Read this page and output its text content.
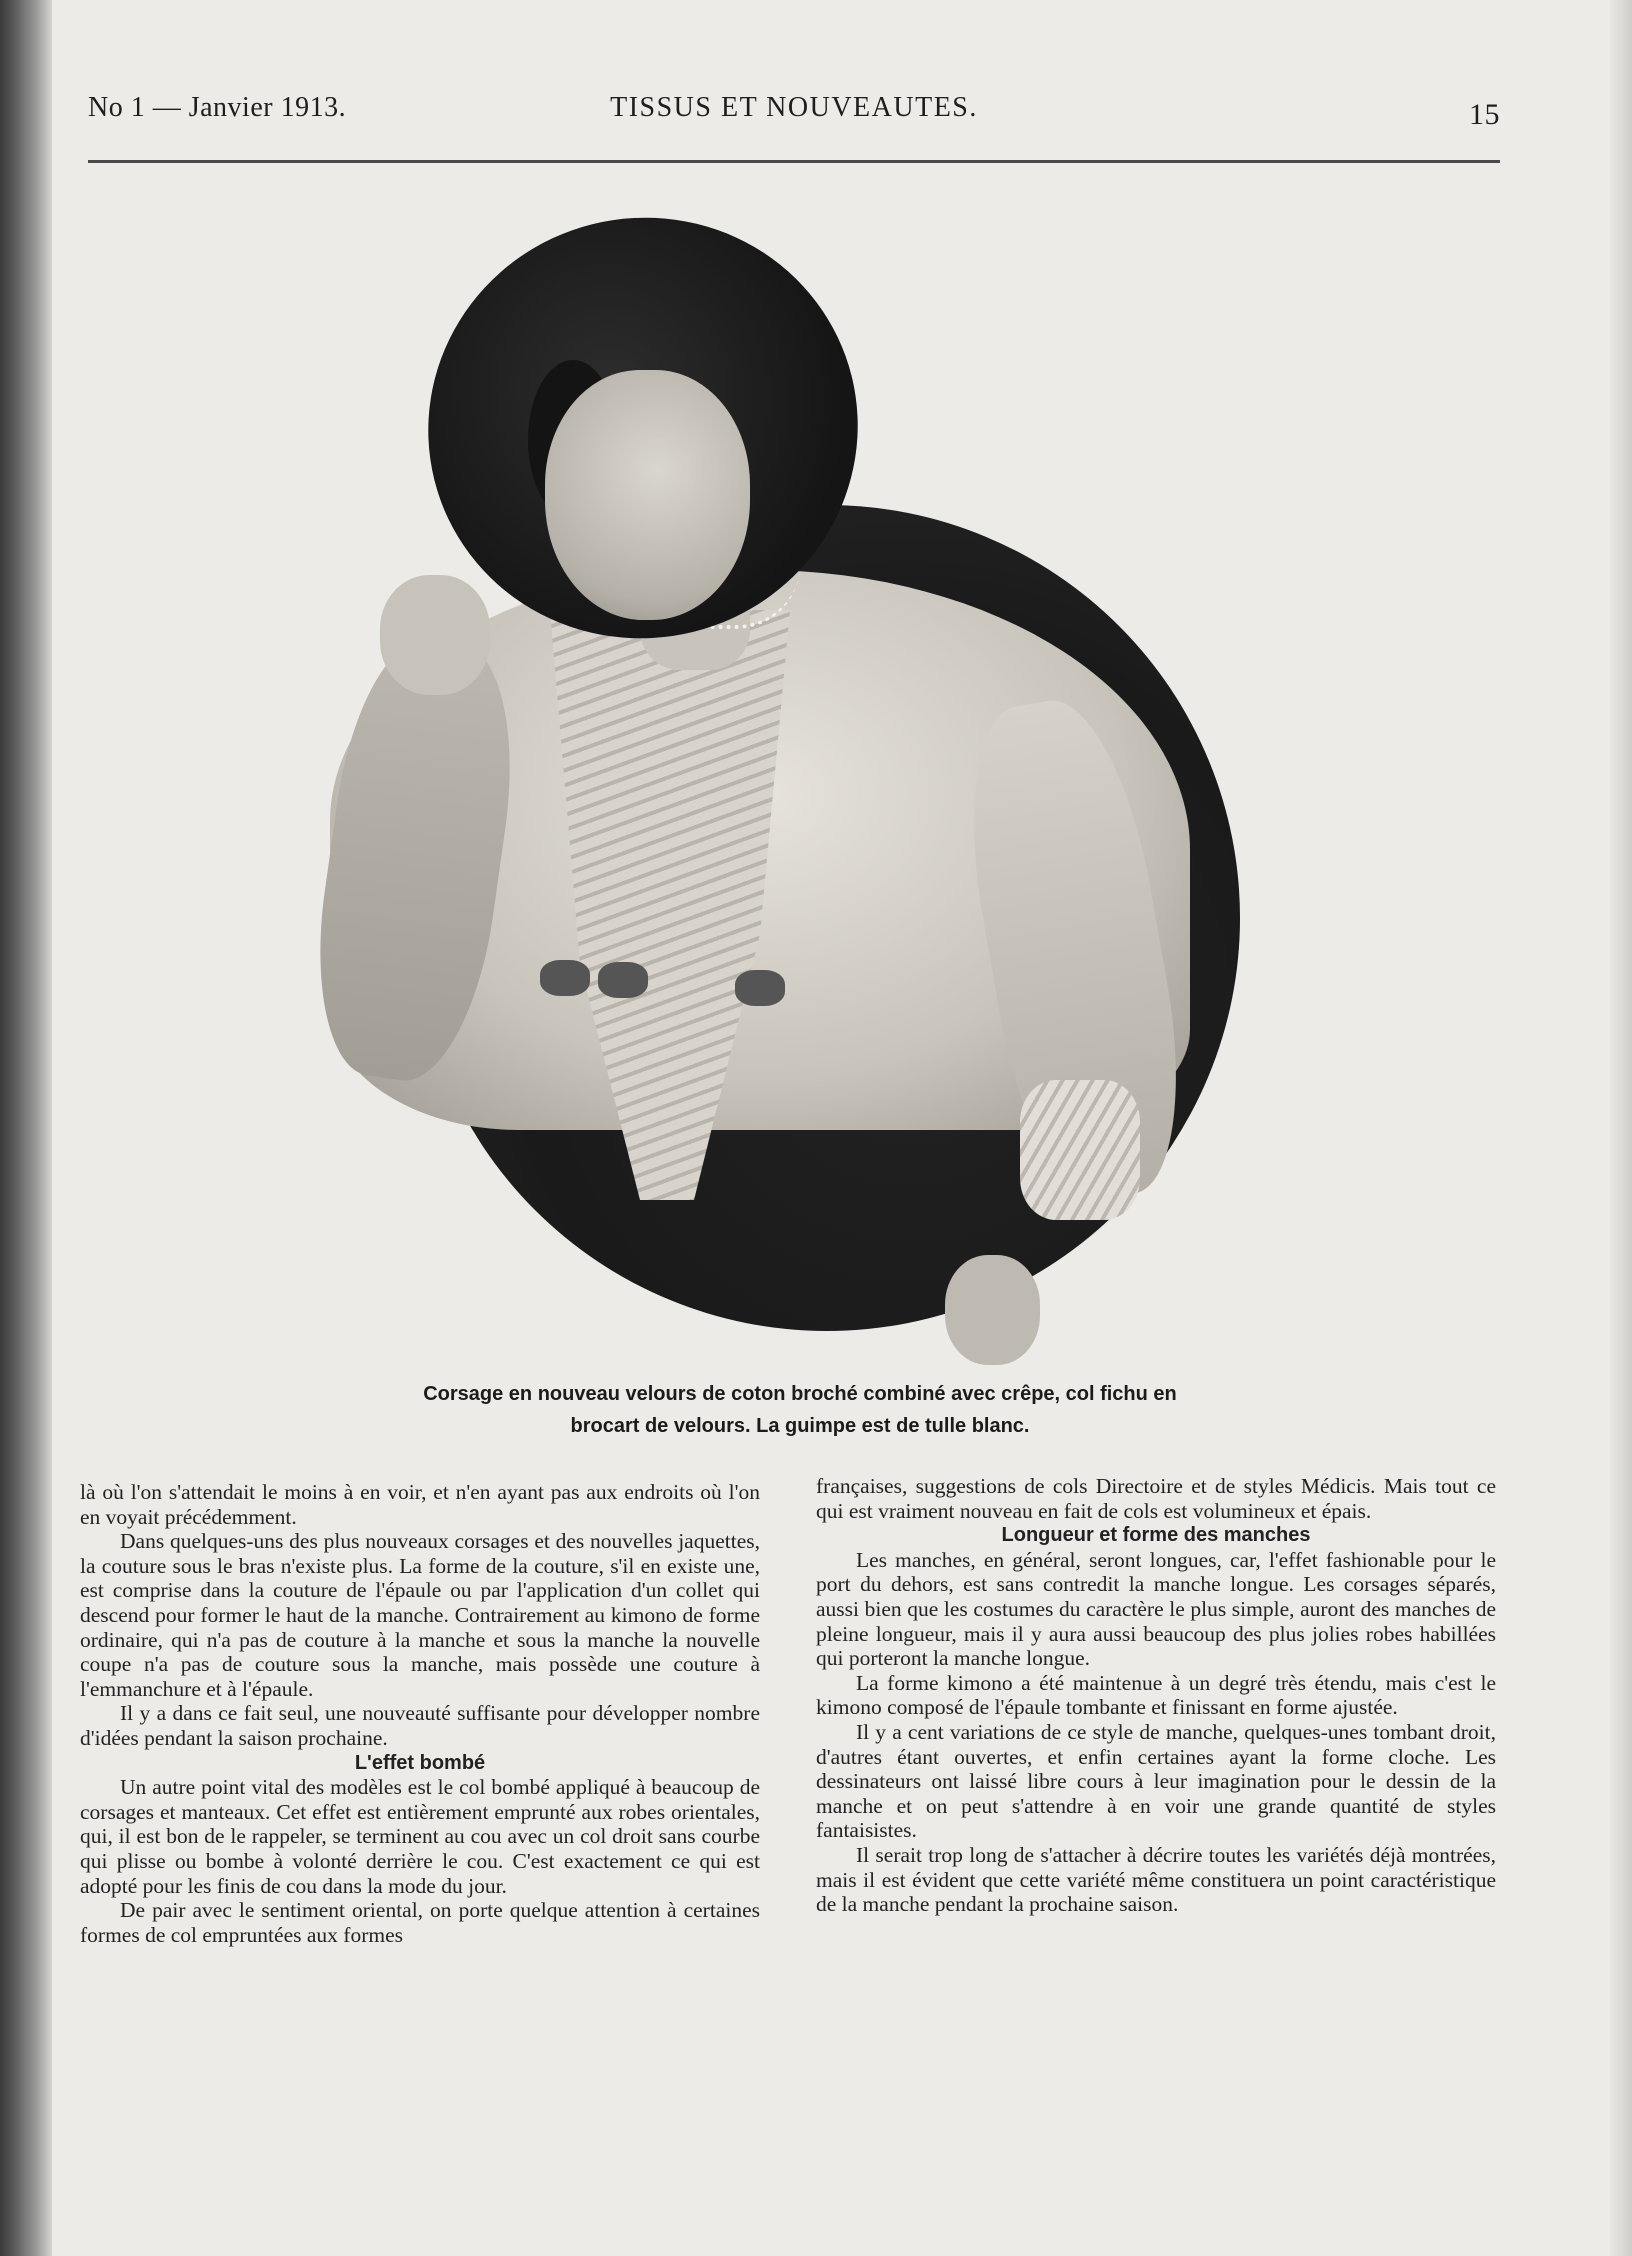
No 1 — Janvier 1913.	TISSUS ET NOUVEAUTES.	15
Corsage en nouveau velours de coton broché combiné avec crêpe, col fichu en
brocart de velours. La guimpe est de tulle blanc.

là où l'on s'attendait le moins à en voir, et n'en ayant pas aux endroits où l'on en voyait précédemment.

Dans quelques-uns des plus nouveaux corsages et des nouvelles jaquettes, la couture sous le bras n'existe plus. La forme de la couture, s'il en existe une, est comprise dans la couture de l'épaule ou par l'application d'un collet qui descend pour former le haut de la manche. Contrairement au kimono de forme ordinaire, qui n'a pas de couture à la manche et sous la manche la nouvelle coupe n'a pas de couture sous la manche, mais possède une couture à l'emmanchure et à l'épaule.

Il y a dans ce fait seul, une nouveauté suffisante pour développer nombre d'idées pendant la saison prochaine.

L'effet bombé

Un autre point vital des modèles est le col bombé appliqué à beaucoup de corsages et manteaux. Cet effet est entièrement emprunté aux robes orientales, qui, il est bon de le rappeler, se terminent au cou avec un col droit sans courbe qui plisse ou bombe à volonté derrière le cou. C'est exactement ce qui est adopté pour les finis de cou dans la mode du jour.

De pair avec le sentiment oriental, on porte quelque attention à certaines formes de col empruntées aux formes

françaises, suggestions de cols Directoire et de styles Médicis. Mais tout ce qui est vraiment nouveau en fait de cols est volumineux et épais.

Longueur et forme des manches

Les manches, en général, seront longues, car, l'effet fashionable pour le port du dehors, est sans contredit la manche longue. Les corsages séparés, aussi bien que les costumes du caractère le plus simple, auront des manches de pleine longueur, mais il y aura aussi beaucoup des plus jolies robes habillées qui porteront la manche longue.

La forme kimono a été maintenue à un degré très étendu, mais c'est le kimono composé de l'épaule tombante et finissant en forme ajustée.

Il y a cent variations de ce style de manche, quelques-unes tombant droit, d'autres étant ouvertes, et enfin certaines ayant la forme cloche. Les dessinateurs ont laissé libre cours à leur imagination pour le dessin de la manche et on peut s'attendre à en voir une grande quantité de styles fantaisistes.

Il serait trop long de s'attacher à décrire toutes les variétés déjà montrées, mais il est évident que cette variété même constituera un point caractéristique de la manche pendant la prochaine saison.
